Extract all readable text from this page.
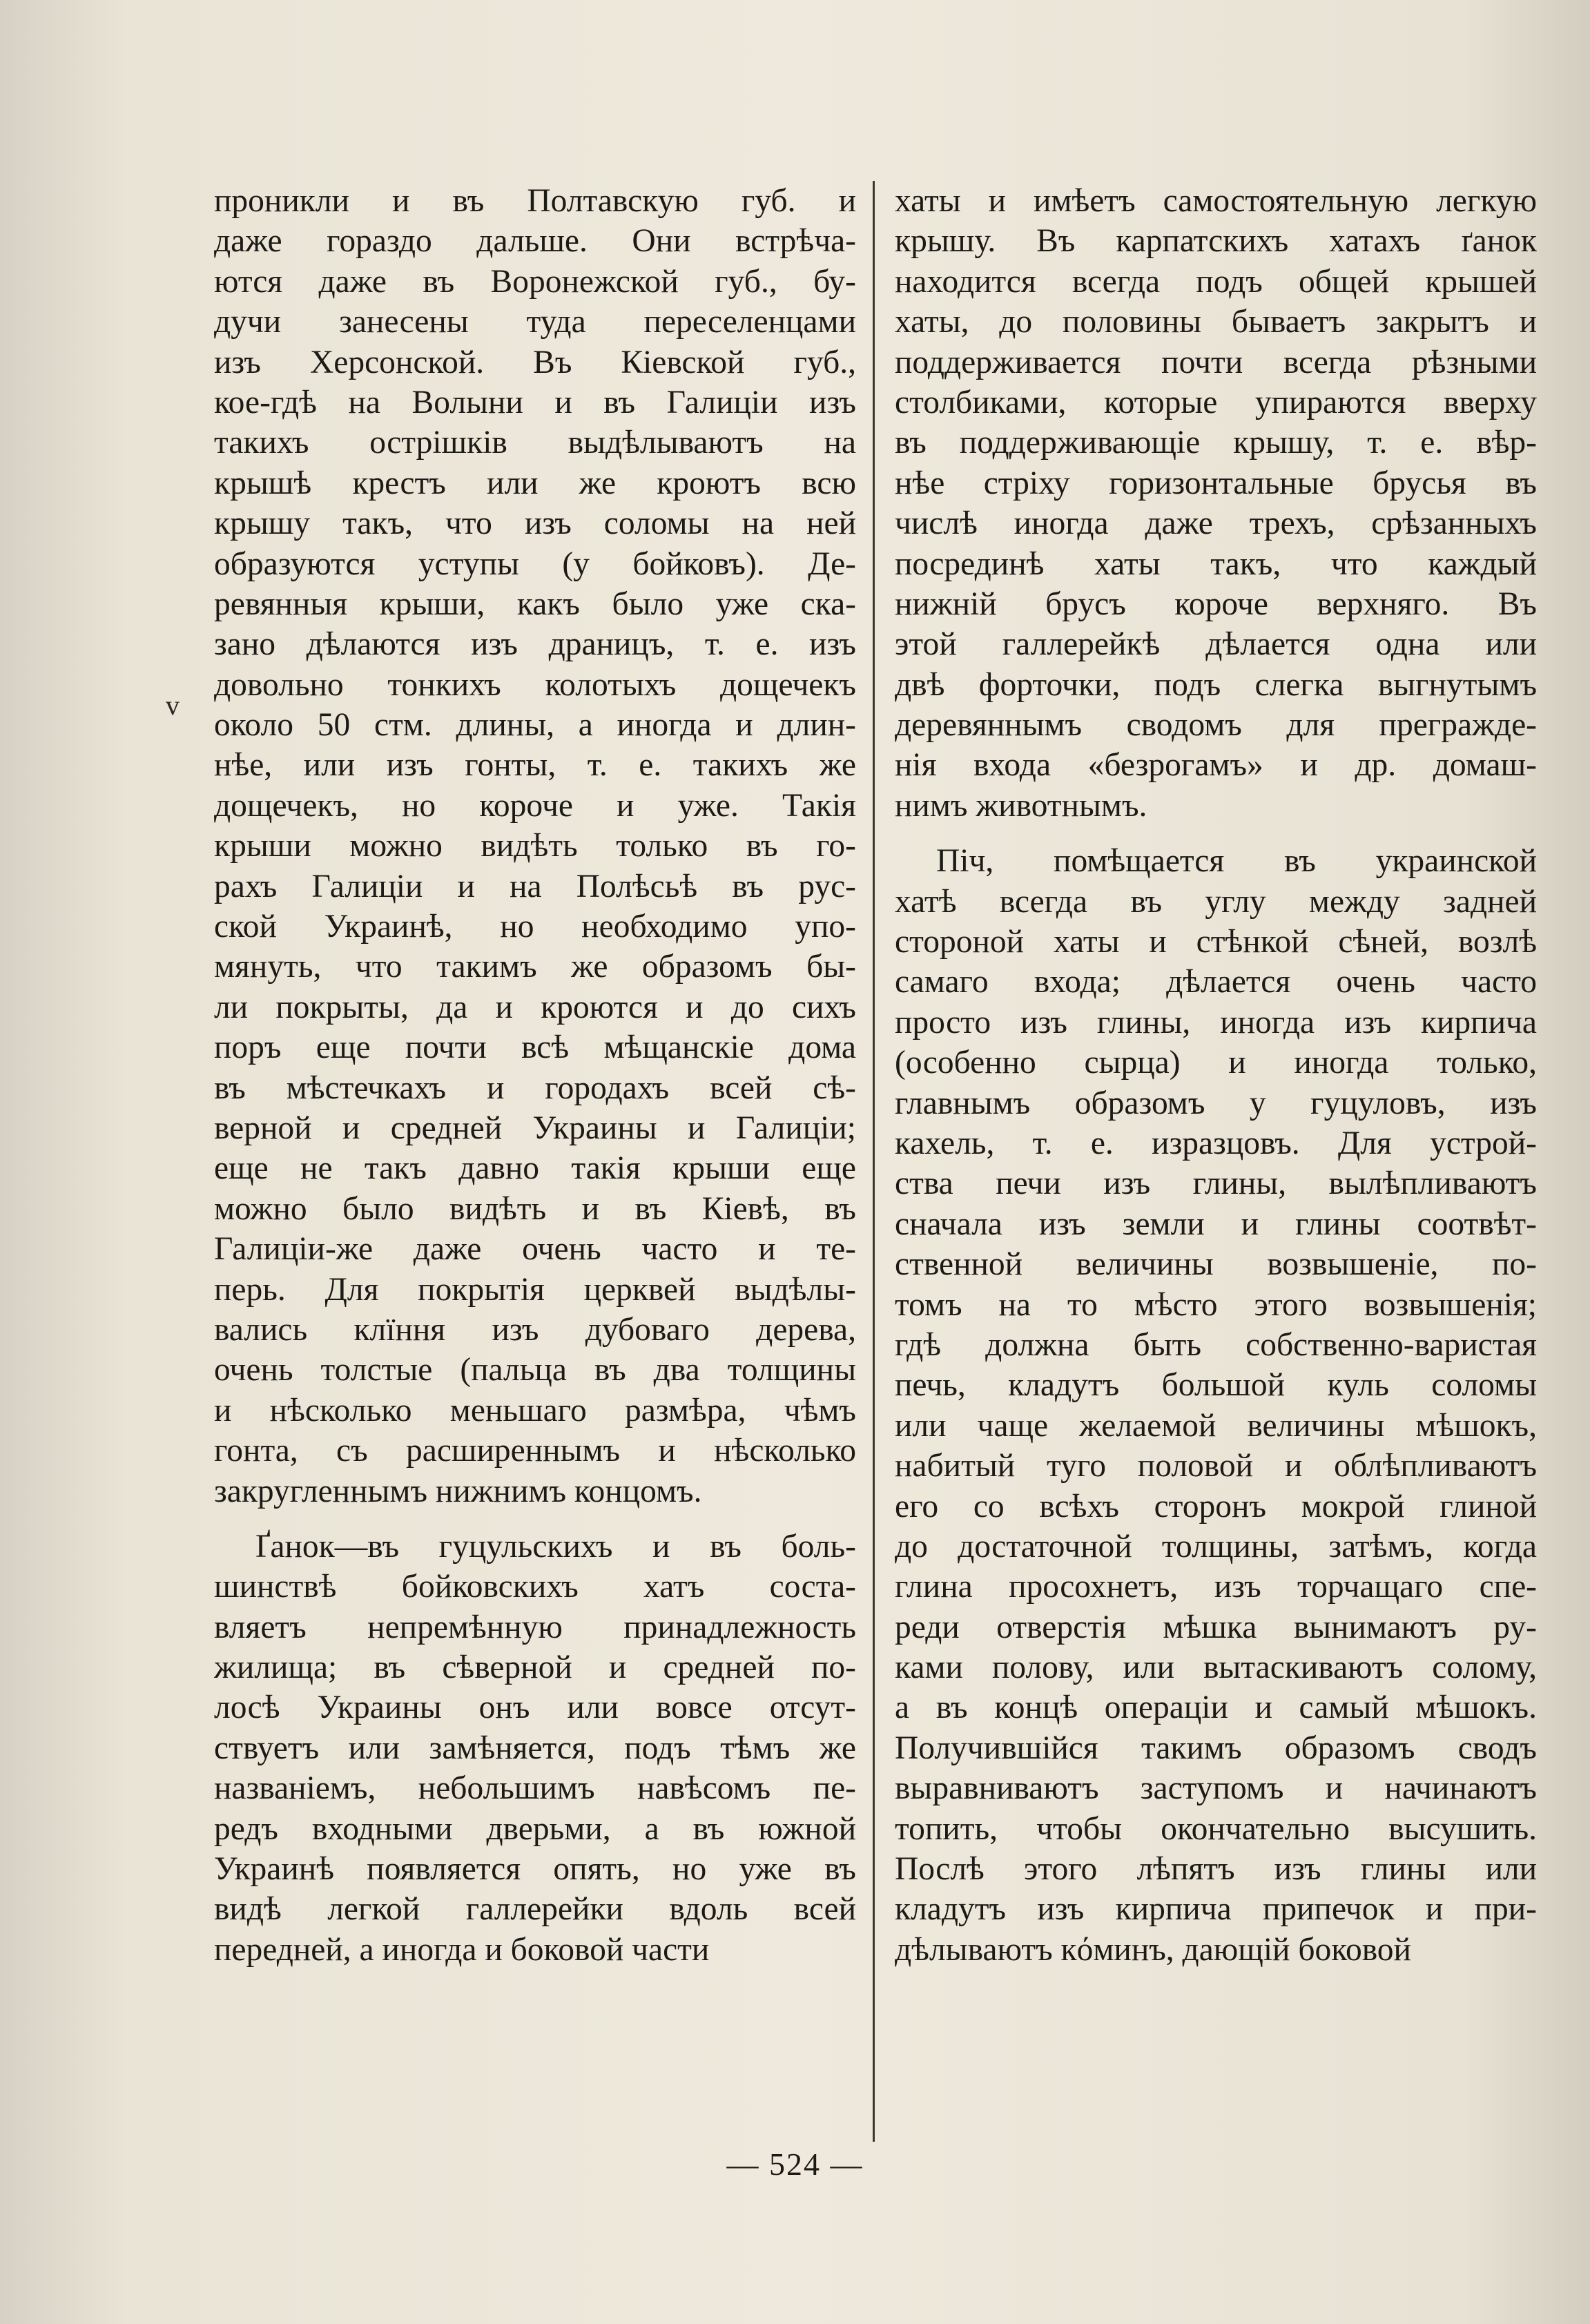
v
проникли и въ Полтавскую губ. и
даже гораздо дальше. Они встрѣча-
ются даже въ Воронежской губ., бу-
дучи занесены туда переселенцами
изъ Херсонской. Въ Кіевской губ.,
кое-гдѣ на Волыни и въ Галиціи изъ
такихъ острішків выдѣлываютъ на
крышѣ крестъ или же кроютъ всю
крышу такъ, что изъ соломы на ней
образуются уступы (у бойковъ). Де-
ревянныя крыши, какъ было уже ска-
зано дѣлаются изъ драницъ, т. е. изъ
довольно тонкихъ колотыхъ дощечекъ
около 50 стм. длины, а иногда и длин-
нѣе, или изъ гонты, т. е. такихъ же
дощечекъ, но короче и уже. Такія
крыши можно видѣть только въ го-
рахъ Галиціи и на Полѣсьѣ въ рус-
ской Украинѣ, но необходимо упо-
мянуть, что такимъ же образомъ бы-
ли покрыты, да и кроются и до сихъ
поръ еще почти всѣ мѣщанскіе дома
въ мѣстечкахъ и городахъ всей сѣ-
верной и средней Украины и Галиціи;
еще не такъ давно такія крыши еще
можно было видѣть и въ Кіевѣ, въ
Галиціи-же даже очень часто и те-
перь. Для покрытія церквей выдѣлы-
вались клїння изъ дубоваго дерева,
очень толстые (пальца въ два толщины
и нѣсколько меньшаго размѣра, чѣмъ
гонта, съ расширеннымъ и нѣсколько
закругленнымъ нижнимъ концомъ.
Ґанок—въ гуцульскихъ и въ боль-
шинствѣ бойковскихъ хатъ соста-
вляетъ непремѣнную принадлежность
жилища; въ сѣверной и средней по-
лосѣ Украины онъ или вовсе отсут-
ствуетъ или замѣняется, подъ тѣмъ же
названіемъ, небольшимъ навѣсомъ пе-
редъ входными дверьми, а въ южной
Украинѣ появляется опять, но уже въ
видѣ легкой галлерейки вдоль всей
передней, а иногда и боковой части
хаты и имѣетъ самостоятельную легкую
крышу. Въ карпатскихъ хатахъ ґанок
находится всегда подъ общей крышей
хаты, до половины бываетъ закрытъ и
поддерживается почти всегда рѣзными
столбиками, которые упираются вверху
въ поддерживающіе крышу, т. е. вѣр-
нѣе стріху горизонтальные брусья въ
числѣ иногда даже трехъ, срѣзанныхъ
посрединѣ хаты такъ, что каждый
нижній брусъ короче верхняго. Въ
этой галлерейкѣ дѣлается одна или
двѣ форточки, подъ слегка выгнутымъ
деревяннымъ сводомъ для преграждe-
нія входа «безрогамъ» и др. домаш-
нимъ животнымъ.
Піч, помѣщается въ украинской
хатѣ всегда въ углу между задней
стороной хаты и стѣнкой сѣней, возлѣ
самаго входа; дѣлается очень часто
просто изъ глины, иногда изъ кирпича
(особенно сырца) и иногда только,
главнымъ образомъ у гуцуловъ, изъ
кахель, т. е. изразцовъ. Для устрой-
ства печи изъ глины, вылѣпливаютъ
сначала изъ земли и глины соотвѣт-
ственной величины возвышеніе, по-
томъ на то мѣсто этого возвышенія;
гдѣ должна быть собственно-варистая
печь, кладутъ большой куль соломы
или чаще желаемой величины мѣшокъ,
набитый туго половой и облѣпливаютъ
его со всѣхъ сторонъ мокрой глиной
до достаточной толщины, затѣмъ, когда
глина просохнетъ, изъ торчащаго спе-
реди отверстія мѣшка вынимаютъ ру-
ками полову, или вытаскиваютъ солому,
а въ концѣ операціи и самый мѣшокъ.
Получившійся такимъ образомъ сводъ
выравниваютъ заступомъ и начинаютъ
топить, чтобы окончательно высушить.
Послѣ этого лѣпятъ изъ глины или
кладутъ изъ кирпича припечок и при-
дѣлываютъ кόминъ, дающій боковой
— 524 —
